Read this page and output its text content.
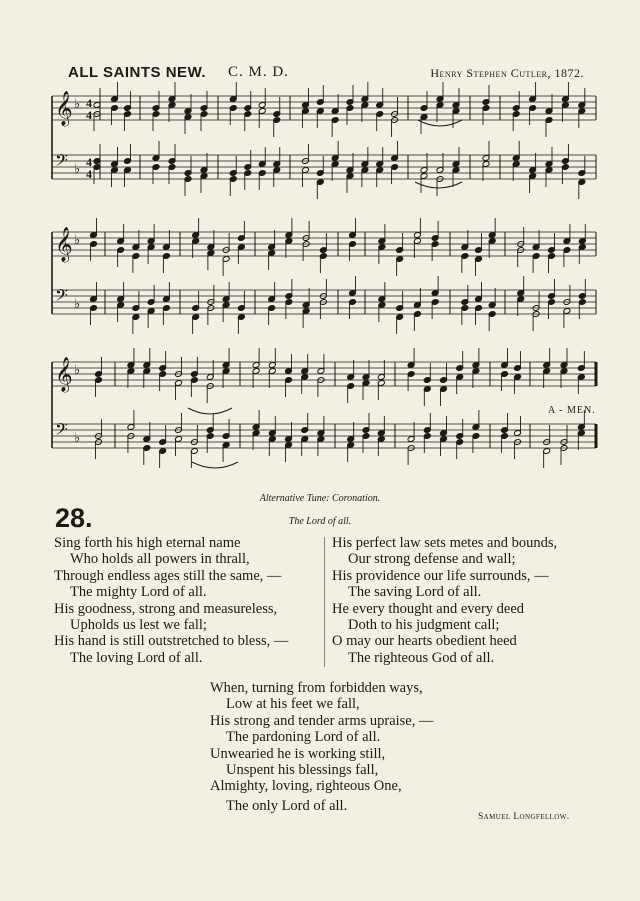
ALL SAINTS NEW. C. M. D.	Henry Stephen Cutler, 1872.
𝄞 ♭ 4
4
𝄢 ♭ 4
4
𝄞 ♭
𝄢 ♭
𝄞 ♭
𝄢 ♭
A - MEN.
Alternative Tune: Coronation.
28.	The Lord of all.
Sing forth his high eternal name
Who holds all powers in thrall,
Through endless ages still the same, —
The mighty Lord of all.
His goodness, strong and measureless,
Upholds us lest we fall;
His hand is still outstretched to bless, —
The loving Lord of all.
His perfect law sets metes and bounds,
Our strong defense and wall;
His providence our life surrounds, —
The saving Lord of all.
He every thought and every deed
Doth to his judgment call;
O may our hearts obedient heed
The righteous God of all.
When, turning from forbidden ways,
Low at his feet we fall,
His strong and tender arms upraise, —
The pardoning Lord of all.
Unwearied he is working still,
Unspent his blessings fall,
Almighty, loving, righteous One,
The only Lord of all.
Samuel Longfellow.
